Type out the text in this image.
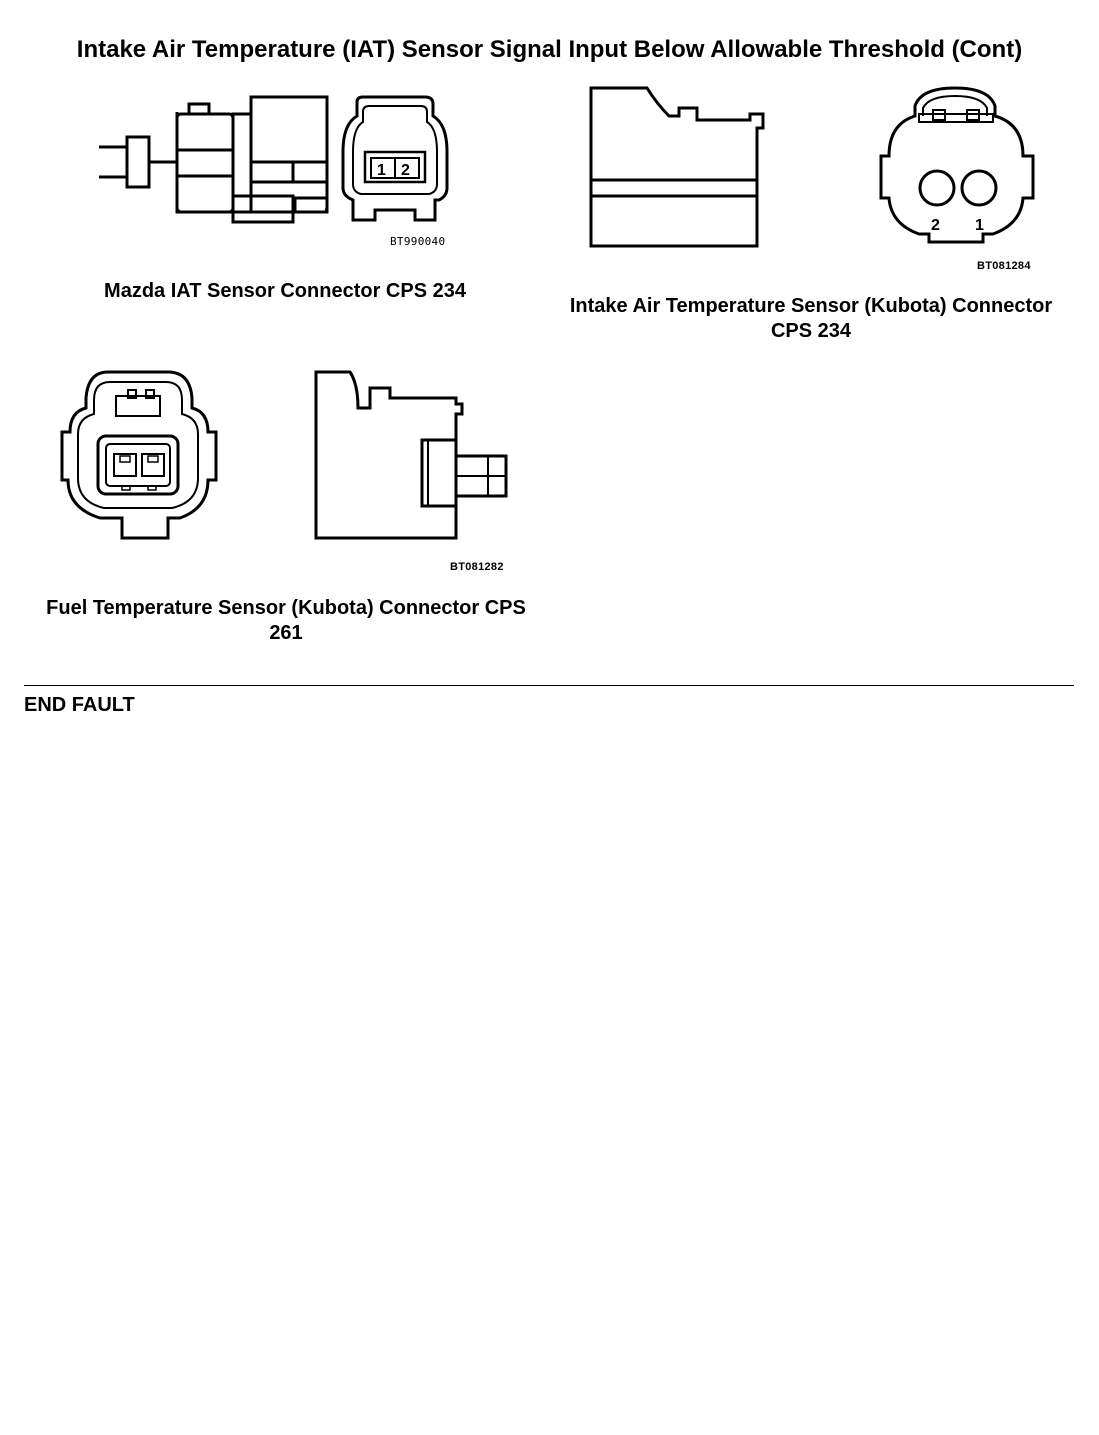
Intake Air Temperature (IAT) Sensor Signal Input Below Allowable Threshold (Cont)
1 2
BT990040
Mazda IAT Sensor Connector CPS 234
2 1
BT081284
Intake Air Temperature Sensor (Kubota) Connector CPS 234
BT081282
Fuel Temperature Sensor (Kubota) Connector CPS 261
END FAULT
